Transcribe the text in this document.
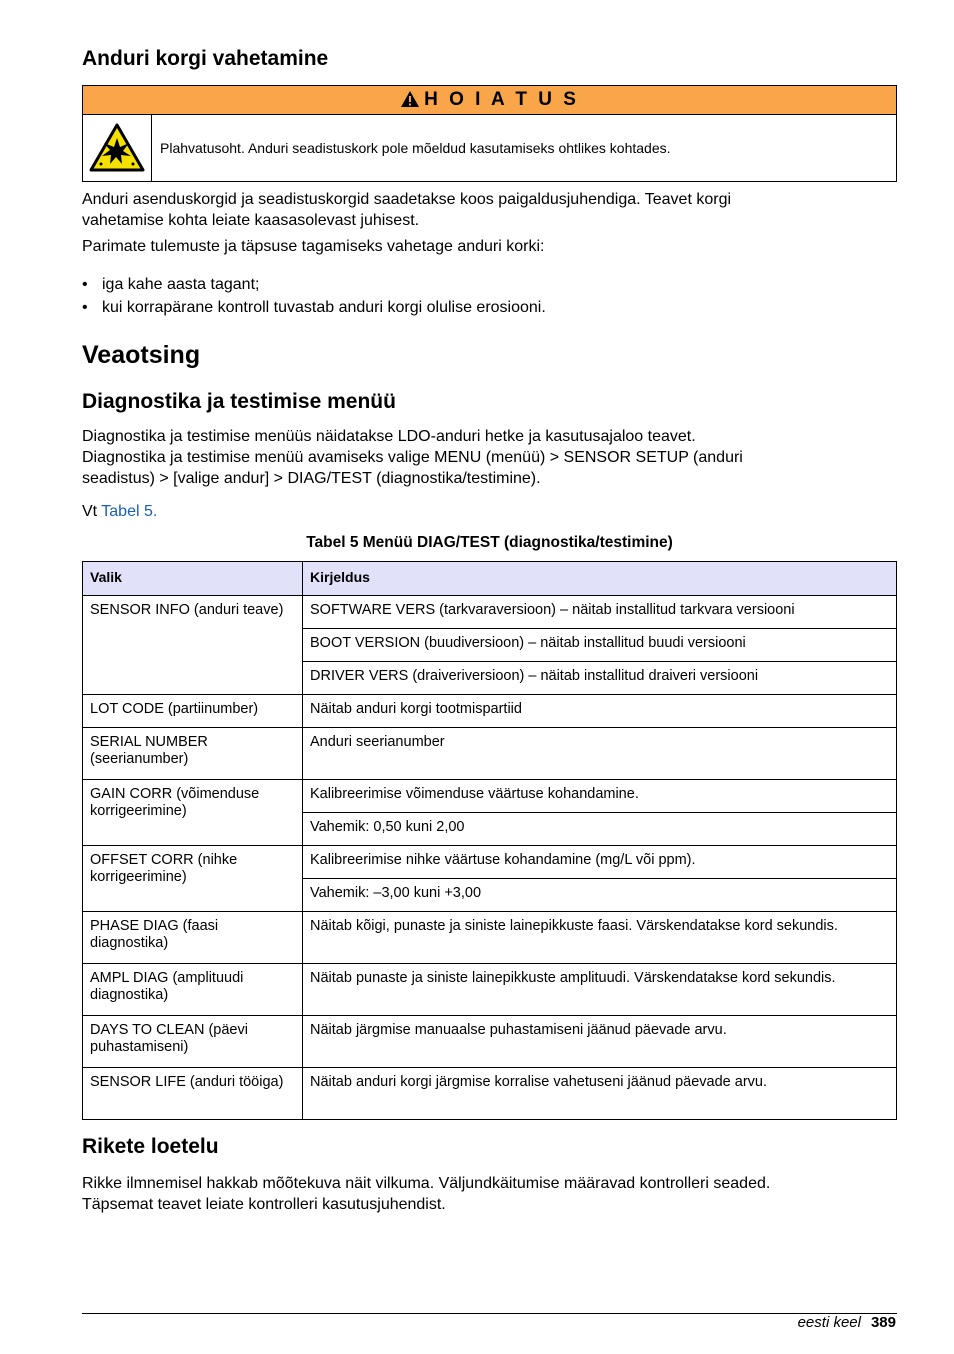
Anduri korgi vahetamine
H O I A T U S
Plahvatusoht. Anduri seadistuskork pole mõeldud kasutamiseks ohtlikes kohtades.

Anduri asenduskorgid ja seadistuskorgid saadetakse koos paigaldusjuhendiga. Teavet korgi
vahetamise kohta leiate kaasasolevast juhisest.

Parimate tulemuste ja täpsuse tagamiseks vahetage anduri korki:

• iga kahe aasta tagant;
• kui korrapärane kontroll tuvastab anduri korgi olulise erosiooni.
Veaotsing
Diagnostika ja testimise menüü

Diagnostika ja testimise menüüs näidatakse LDO-anduri hetke ja kasutusajaloo teavet.
Diagnostika ja testimise menüü avamiseks valige MENU (menüü) > SENSOR SETUP (anduri
seadistus) > [valige andur] > DIAG/TEST (diagnostika/testimine).

Vt Tabel 5.

Tabel 5 Menüü DIAG/TEST (diagnostika/testimine)
Valik	Kirjeldus
SENSOR INFO (anduri teave)	SOFTWARE VERS (tarkvaraversioon) – näitab installitud tarkvara versiooni
	BOOT VERSION (buudiversioon) – näitab installitud buudi versiooni
	DRIVER VERS (draiveriversioon) – näitab installitud draiveri versiooni
LOT CODE (partiinumber)	Näitab anduri korgi tootmispartiid
SERIAL NUMBER (seerianumber)	Anduri seerianumber
GAIN CORR (võimenduse korrigeerimine)	Kalibreerimise võimenduse väärtuse kohandamine.
	Vahemik: 0,50 kuni 2,00
OFFSET CORR (nihke korrigeerimine)	Kalibreerimise nihke väärtuse kohandamine (mg/L või ppm).
	Vahemik: –3,00 kuni +3,00
PHASE DIAG (faasi diagnostika)	Näitab kõigi, punaste ja siniste lainepikkuste faasi. Värskendatakse kord sekundis.
AMPL DIAG (amplituudi diagnostika)	Näitab punaste ja siniste lainepikkuste amplituudi. Värskendatakse kord sekundis.
DAYS TO CLEAN (päevi puhastamiseni)	Näitab järgmise manuaalse puhastamiseni jäänud päevade arvu.
SENSOR LIFE (anduri tööiga)	Näitab anduri korgi järgmise korralise vahetuseni jäänud päevade arvu.
Rikete loetelu

Rikke ilmnemisel hakkab mõõtekuva näit vilkuma. Väljundkäitumise määravad kontrolleri seaded.
Täpsemat teavet leiate kontrolleri kasutusjuhendist.

eesti keel 389
